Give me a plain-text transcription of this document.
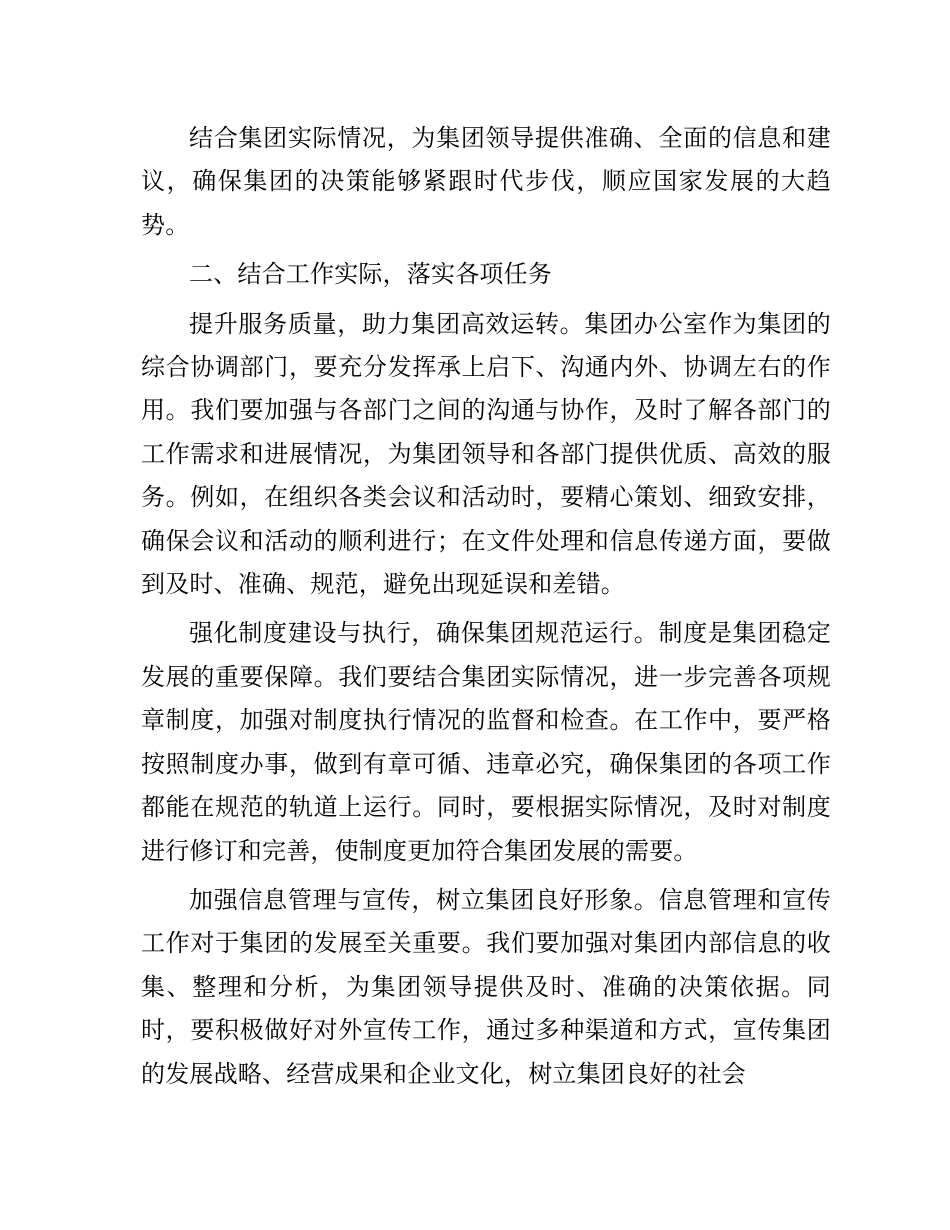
结合集团实际情况，为集团领导提供准确、全面的信息和建议，确保集团的决策能够紧跟时代步伐，顺应国家发展的大趋势。

二、结合工作实际，落实各项任务

提升服务质量，助力集团高效运转。集团办公室作为集团的综合协调部门，要充分发挥承上启下、沟通内外、协调左右的作用。我们要加强与各部门之间的沟通与协作，及时了解各部门的工作需求和进展情况，为集团领导和各部门提供优质、高效的服务。例如，在组织各类会议和活动时，要精心策划、细致安排，确保会议和活动的顺利进行；在文件处理和信息传递方面，要做到及时、准确、规范，避免出现延误和差错。

强化制度建设与执行，确保集团规范运行。制度是集团稳定发展的重要保障。我们要结合集团实际情况，进一步完善各项规章制度，加强对制度执行情况的监督和检查。在工作中，要严格按照制度办事，做到有章可循、违章必究，确保集团的各项工作都能在规范的轨道上运行。同时，要根据实际情况，及时对制度进行修订和完善，使制度更加符合集团发展的需要。

加强信息管理与宣传，树立集团良好形象。信息管理和宣传工作对于集团的发展至关重要。我们要加强对集团内部信息的收集、整理和分析，为集团领导提供及时、准确的决策依据。同时，要积极做好对外宣传工作，通过多种渠道和方式，宣传集团的发展战略、经营成果和企业文化，树立集团良好的社会
